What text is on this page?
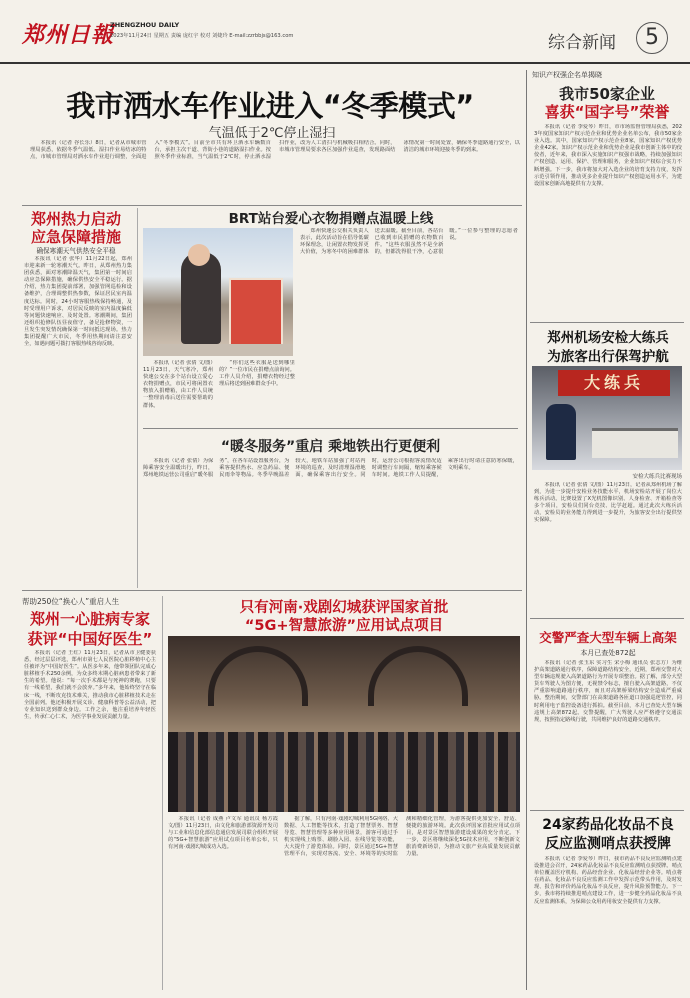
郑州日報
ZHENGZHOU DAILY
2023年11月24日 星期五 责编 庞红宇 校对 刘婕玲 E-mail:zzrbbjs@163.com	综合新闻	5
我市洒水车作业进入“冬季模式”
气温低于2℃停止湿扫

本报讯（记者 谷长乐）8日，记者从市城市管理局获悉，依据冬季气温低、湿扫作业易结冰的特点，市城市管理局对洒水车作业进行调整，全面进入“冬季模式”。目前全市共有环卫洒水车辆数百台，承担主次干道、背街小巷的道路湿扫作业。按照冬季作业标准，当气温低于2℃时，停止洒水湿扫作业，改为人工清扫与机械吸扫相结合。同时，市城市管理局要求各区加强作业巡查，发现路面结冰情况第一时间处置，确保冬季道路通行安全，以清洁的城市环境迎接冬季的到来。

郑州热力启动
应急保障措施
确保寒潮天气供热安全平稳

本报讯（记者 张华）11月22日起，郑州市迎来新一轮寒潮天气。昨日，从郑州热力集团获悉，面对寒潮降温天气，集团第一时间启动应急保障措施，确保供热安全平稳运行。据介绍，热力集团提前部署，加强管网巡检和设备维护，合理调整供热参数，保证居民室内温度达标。同时，24小时客服热线保持畅通，及时受理用户诉求，对居民反映的室内温度偏低等问题快速响应、及时处置。寒潮期间，集团还组织抢修队伍昼夜值守，备足抢修物资，一旦发生突发情况确保第一时间抵达现场。热力集团提醒广大市民，冬季用热期间请注意安全，如遇问题可拨打客服热线咨询反映。

BRT站台爱心衣物捐赠点温暖上线

郑州快速公交相关负责人表示，此次活动旨在倡导低碳环保理念，让闲置衣物发挥更大价值，为寒冬中的困难群体送去温暖。截至目前，各站台已收到市民捐赠的衣物数百件。“这些衣服虽然不是全新的，但都洗得很干净，心意很暖。”一位参与整理的志愿者说。

本报讯（记者 张倩 文/图）11月23日，天气寒冷，郑州快速公交在多个站台设立爱心衣物捐赠点，市民可将闲置衣物放入捐赠箱，由工作人员统一整理消毒后送往需要帮助的群体。

“你们这些衣服是送到哪里的？”一位市民在捐赠点前询问。工作人员介绍，捐赠衣物经过整理后将送到困难群众手中。

“暖冬服务”重启 乘地铁出行更便利

本报讯（记者 张倩）为保障乘客安全温暖出行，昨日，郑州地铁运营公司重启“暖冬服务”，在各车站设置服务台，为乘客提供热水、应急药品、便民雨伞等物品。冬季早晚温差较大，地铁车站加强了对站内环境的巡查，及时清理湿滑地面，确保乘客出行安全。同时，运营公司根据客流情况适时调整行车间隔，缩短乘客候车时间。地铁工作人员提醒，乘客出行时请注意防寒保暖，文明乘车。

知识产权强企名单揭晓
我市50家企业
喜获“国字号”荣誉

本报讯（记者 李爱琴）昨日，市市场监督管理局获悉，2023年度国家知识产权示范企业和优势企业名单公布，我市50家企业入选。其中，国家知识产权示范企业8家，国家知识产权优势企业42家。知识产权示范企业和优势企业是我市创新主体中的佼佼者，近年来，我市深入实施知识产权强市战略，持续加强知识产权创造、运用、保护、管理和服务，企业知识产权综合实力不断增强。下一步，我市将加大对入选企业的培育支持力度，发挥示范引领作用，推动更多企业提升知识产权创造运用水平，为建设国家创新高地提供有力支撑。

郑州机场安检大练兵
为旅客出行保驾护航
大练兵
安检大练兵比赛现场

本报讯（记者 张倩 文/图）11月23日，记者从郑州机场了解到，为进一步提升安检业务技能水平，机场安检站开展了岗位大练兵活动。比赛设置了X光机图像识别、人身检查、开箱检查等多个项目，安检员们同台竞技、比学赶超。通过此次大练兵活动，安检员的业务能力得到进一步提升，为旅客安全出行提供坚实保障。

交警严查大型车辆上高架
本月已查处872起

本报讯（记者 张玉东 实习生 宋小梅 通讯员 张志方）为维护高架道路通行秩序，保障道路结构安全，近期，郑州交警对大型车辆违规驶入高架道路行为开展专项整治。据了解，部分大型货车驾驶人为图方便，无视禁令标志，擅自驶入高架道路，不仅严重影响道路通行秩序，而且对高架桥梁结构安全造成严重威胁。整治期间，交警部门在高架道路各匝道口加强巡逻管控，同时利用电子监控设备进行抓拍。截至目前，本月已查处大型车辆违规上高架872起。交警提醒，广大驾驶人应严格遵守交通法规，按照指定路线行驶，共同维护良好的道路交通秩序。

24家药品化妆品不良
反应监测哨点获授牌

本报讯（记者 李爱琴）昨日，我市药品不良反应监测哨点建设推进会召开，24家药品化妆品不良反应监测哨点获授牌。哨点单位覆盖医疗机构、药品经营企业、化妆品经营企业等。哨点将在药品、化妆品不良反应监测工作中发挥示范带头作用，及时发现、报告和评价药品化妆品不良反应，提升风险预警能力。下一步，我市将持续推进哨点建设工作，进一步健全药品化妆品不良反应监测体系，为保障公众用药用妆安全提供有力支撑。

帮助250位“换心人”重启人生
郑州一心脏病专家
获评“中国好医生”

本报讯（记者 王红）11月23日，记者从市卫健委获悉，经过层层评选，郑州市第七人民医院心脏移植中心主任被评为“中国好医生”。从医多年来，他带领团队完成心脏移植手术250余例，为众多终末期心脏病患者带来了新生的希望。他说：“每一次手术都是与死神的赛跑，只要有一线希望，我们就不会放弃。”多年来，他始终坚守在临床一线，不断攻克技术难关，推动我市心脏移植技术走在全国前列。他还积极开展义诊、健康科普等公益活动，把专业知识送到群众身边。工作之余，他注重培养年轻医生，传承仁心仁术，为医学事业发展贡献力量。

只有河南·戏剧幻城获评国家首批
“5G+智慧旅游”应用试点项目

本报讯（记者 成燕 卢文军 通讯员 杨方霞 文/图）11月23日，由文化和旅游部资源开发司与工业和信息化部信息通信发展司联合组织开展的“5G+智慧旅游”应用试点项目名单公布，只有河南·戏剧幻城成功入选。

据了解，只有河南·戏剧幻城利用5G网络、大数据、人工智能等技术，打造了智慧票务、智慧导览、智慧管理等多种应用场景，游客可通过手机实现线上购票、刷脸入园、在线导览等功能，大大提升了游览体验。同时，景区通过5G+智慧管理平台，实现对客流、安全、环境等的实时监测和精细化管理，为游客提供更加安全、舒适、便捷的旅游环境。此次获评国家首批应用试点项目，是对景区智慧旅游建设成果的充分肯定。下一步，景区将继续深化5G技术应用，不断创新文旅消费新场景，为推动文旅产业高质量发展贡献力量。
